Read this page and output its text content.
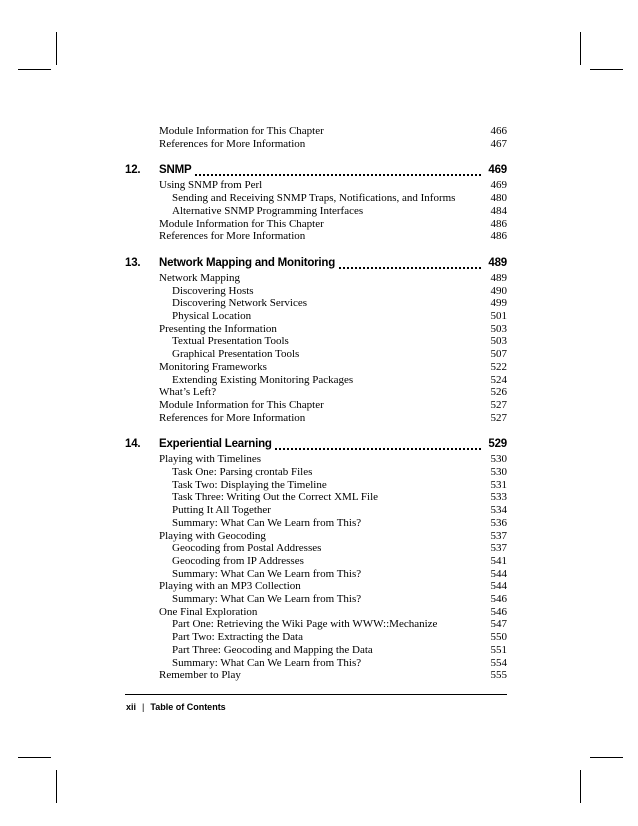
Module Information for This Chapter	466
References for More Information	467
12. SNMP	469
Using SNMP from Perl	469
Sending and Receiving SNMP Traps, Notifications, and Informs	480
Alternative SNMP Programming Interfaces	484
Module Information for This Chapter	486
References for More Information	486
13. Network Mapping and Monitoring	489
Network Mapping	489
Discovering Hosts	490
Discovering Network Services	499
Physical Location	501
Presenting the Information	503
Textual Presentation Tools	503
Graphical Presentation Tools	507
Monitoring Frameworks	522
Extending Existing Monitoring Packages	524
What’s Left?	526
Module Information for This Chapter	527
References for More Information	527
14. Experiential Learning	529
Playing with Timelines	530
Task One: Parsing crontab Files	530
Task Two: Displaying the Timeline	531
Task Three: Writing Out the Correct XML File	533
Putting It All Together	534
Summary: What Can We Learn from This?	536
Playing with Geocoding	537
Geocoding from Postal Addresses	537
Geocoding from IP Addresses	541
Summary: What Can We Learn from This?	544
Playing with an MP3 Collection	544
Summary: What Can We Learn from This?	546
One Final Exploration	546
Part One: Retrieving the Wiki Page with WWW::Mechanize	547
Part Two: Extracting the Data	550
Part Three: Geocoding and Mapping the Data	551
Summary: What Can We Learn from This?	554
Remember to Play	555
xii | Table of Contents
